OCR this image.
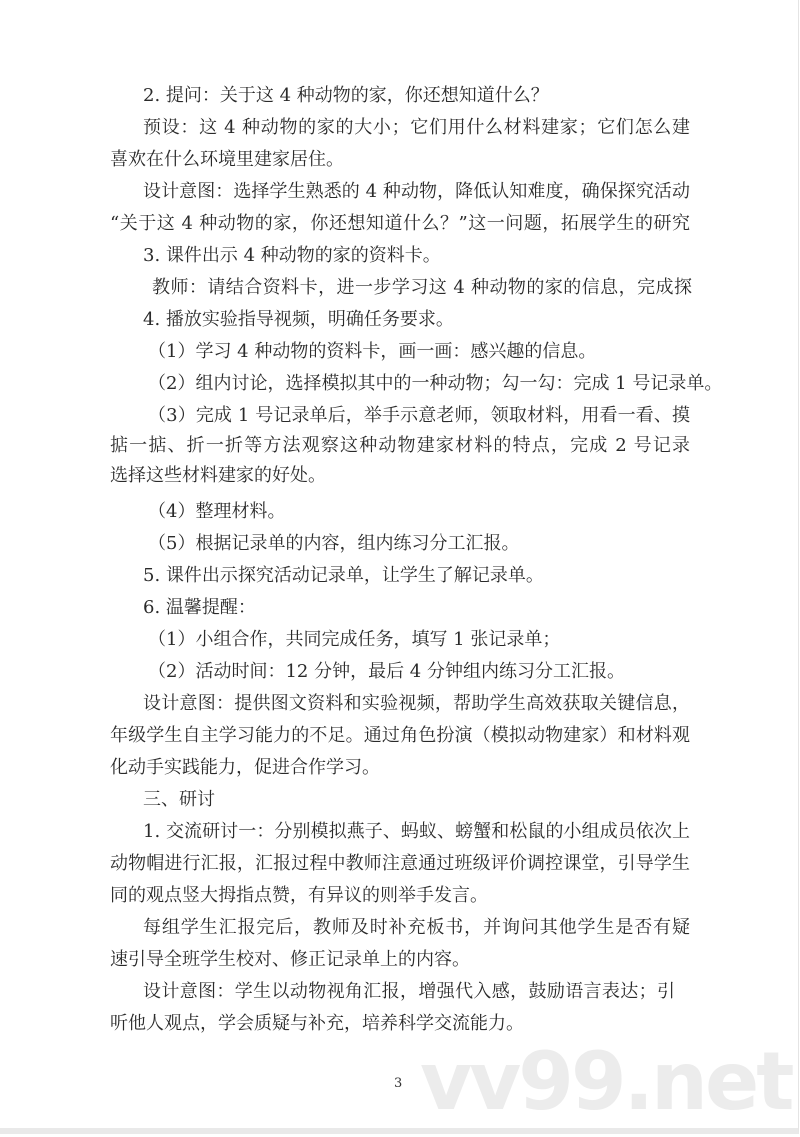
2. 提问：关于这 4 种动物的家，你还想知道什么？
预设：这 4 种动物的家的大小；它们用什么材料建家；它们怎么建
喜欢在什么环境里建家居住。
设计意图：选择学生熟悉的 4 种动物，降低认知难度，确保探究活动
“关于这 4 种动物的家，你还想知道什么？”这一问题，拓展学生的研究
3. 课件出示 4 种动物的家的资料卡。
教师：请结合资料卡，进一步学习这 4 种动物的家的信息，完成探
4. 播放实验指导视频，明确任务要求。
（1）学习 4 种动物的资料卡，画一画：感兴趣的信息。
（2）组内讨论，选择模拟其中的一种动物；勾一勾：完成 1 号记录单。
（3）完成 1 号记录单后，举手示意老师，领取材料，用看一看、摸
掂一掂、折一折等方法观察这种动物建家材料的特点，完成 2 号记录
选择这些材料建家的好处。
（4）整理材料。
（5）根据记录单的内容，组内练习分工汇报。
5. 课件出示探究活动记录单，让学生了解记录单。
6. 温馨提醒：
（1）小组合作，共同完成任务，填写 1 张记录单；
（2）活动时间：12 分钟，最后 4 分钟组内练习分工汇报。
设计意图：提供图文资料和实验视频，帮助学生高效获取关键信息，
年级学生自主学习能力的不足。通过角色扮演（模拟动物建家）和材料观
化动手实践能力，促进合作学习。
三、研讨
1. 交流研讨一：分别模拟燕子、蚂蚁、螃蟹和松鼠的小组成员依次上
动物帽进行汇报，汇报过程中教师注意通过班级评价调控课堂，引导学生
同的观点竖大拇指点赞，有异议的则举手发言。
每组学生汇报完后，教师及时补充板书，并询问其他学生是否有疑
速引导全班学生校对、修正记录单上的内容。
设计意图：学生以动物视角汇报，增强代入感，鼓励语言表达；引
听他人观点，学会质疑与补充，培养科学交流能力。
vv99.net
3
